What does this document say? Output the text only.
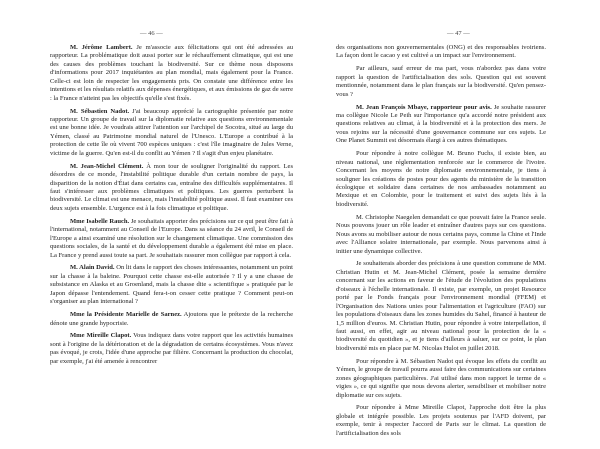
— 46 —	— 47 —

M. Jérôme Lambert. Je m'associe aux félicitations qui ont été adressées au rapporteur. La problématique doit aussi porter sur le réchauffement climatique, qui est une des causes des problèmes touchant la biodiversité. Sur ce thème nous disposons d'informations pour 2017 inquiétantes au plan mondial, mais également pour la France. Celle-ci est loin de respecter les engagements pris. On constate une différence entre les intentions et les résultats relatifs aux dépenses énergétiques, et aux émissions de gaz de serre : la France n'atteint pas les objectifs qu'elle s'est fixés.

M. Sébastien Nadot. J'ai beaucoup apprécié la cartographie présentée par notre rapporteur. Un groupe de travail sur la diplomatie relative aux questions environnementale est une bonne idée. Je voudrais attirer l'attention sur l'archipel de Socotra, situé au large du Yémen, classé au Patrimoine mondial naturel de l'Unesco. L'Europe a contribué à la protection de cette île où vivent 700 espèces uniques : c'est l'île imaginaire de Jules Verne, victime de la guerre. Qu'en est-il du conflit au Yémen ? Il s'agit d'un enjeu planétaire.

M. Jean-Michel Clément. À mon tour de souligner l'originalité du rapport. Les désordres de ce monde, l'instabilité politique durable d'un certain nombre de pays, la disparition de la notion d'État dans certains cas, entraîne des difficultés supplémentaires. Il faut s'intéresser aux problèmes climatiques et politiques. Les guerres perturbent la biodiversité. Le climat est une menace, mais l'instabilité politique aussi. Il faut examiner ces deux sujets ensemble. L'urgence est à la fois climatique et politique.

Mme Isabelle Rauch. Je souhaitais apporter des précisions sur ce qui peut être fait à l'international, notamment au Conseil de l'Europe. Dans sa séance du 24 avril, le Conseil de l'Europe a ainsi examiné une résolution sur le changement climatique. Une commission des questions sociales, de la santé et du développement durable a également été mise en place. La France y prend aussi toute sa part. Je souhaitais rassurer mon collègue par rapport à cela.

M. Alain David. On lit dans le rapport des choses intéressantes, notamment un point sur la chasse à la baleine. Pourquoi cette chasse est-elle autorisée ? Il y a une chasse de subsistance en Alaska et au Groenland, mais la chasse dite « scientifique » pratiquée par le Japon dépasse l'entendement. Quand fera-t-on cesser cette pratique ? Comment peut-on s'organiser au plan international ?

Mme la Présidente Marielle de Sarnez. Ajoutons que le prétexte de la recherche dénote une grande hypocrisie.

Mme Mireille Clapot. Vous indiquez dans votre rapport que les activités humaines sont à l'origine de la détérioration et de la dégradation de certains écosystèmes. Vous n'avez pas évoqué, je crois, l'idée d'une approche par filière. Concernant la production du chocolat, par exemple, j'ai été amenée à rencontrer

des organisations non gouvernementales (ONG) et des responsables ivoiriens. La façon dont le cacao y est cultivé a un impact sur l'environnement.

Par ailleurs, sauf erreur de ma part, vous n'abordez pas dans votre rapport la question de l'artificialisation des sols. Question qui est souvent mentionnée, notamment dans le plan français sur la biodiversité. Qu'en pensez-vous ?

M. Jean François Mbaye, rapporteur pour avis. Je souhaite rassurer ma collègue Nicole Le Peih sur l'importance qu'a accordé notre président aux questions relatives au climat, à la biodiversité et à la protection des mers. Je vous rejoins sur la nécessité d'une gouvernance commune sur ces sujets. Le One Planet Summit est désormais élargi à ces autres thématiques.

Pour répondre à notre collègue M. Bruno Fuchs, il existe bien, au niveau national, une réglementation renforcée sur le commerce de l'ivoire. Concernant les moyens de notre diplomatie environnementale, je tiens à souligner les créations de postes pour des agents du ministère de la transition écologique et solidaire dans certaines de nos ambassades notamment au Mexique et en Colombie, pour le traitement et suivi des sujets liés à la biodiversité.

M. Christophe Naegelen demandait ce que pouvait faire la France seule. Nous pouvons jouer un rôle leader et entraîner d'autres pays sur ces questions. Nous avons su mobiliser autour de nous certains pays, comme la Chine et l'Inde avec l'Alliance solaire internationale, par exemple. Nous parvenons ainsi à initier une dynamique collective.

Je souhaiterais aborder des précisions à une question commune de MM. Christian Hutin et M. Jean-Michel Clément, posée la semaine dernière concernant sur les actions en faveur de l'étude de l'évolution des populations d'oiseaux à l'échelle internationale. Il existe, par exemple, un projet Resource porté par le Fonds français pour l'environnement mondial (FFEM) et l'Organisation des Nations unies pour l'alimentation et l'agriculture (FAO) sur les populations d'oiseaux dans les zones humides du Sahel, financé à hauteur de 1,5 million d'euros. M. Christian Hutin, pour répondre à votre interpellation, il faut aussi, en effet, agir au niveau national pour la protection de la « biodiversité du quotidien », et je tiens d'ailleurs à saluer, sur ce point, le plan biodiversité mis en place par M. Nicolas Hulot en juillet 2018.

Pour répondre à M. Sébastien Nadot qui évoque les effets du conflit au Yémen, le groupe de travail pourra aussi faire des communications sur certaines zones géographiques particulières. J'ai utilisé dans mon rapport le terme de « vigies », ce qui signifie que nous devons alerter, sensibiliser et mobiliser notre diplomatie sur ces sujets.

Pour répondre à Mme Mireille Clapot, l'approche doit être la plus globale et intégrée possible. Les projets soutenus par l'AFD doivent, par exemple, tenir à respecter l'accord de Paris sur le climat. La question de l'artificialisation des sols
